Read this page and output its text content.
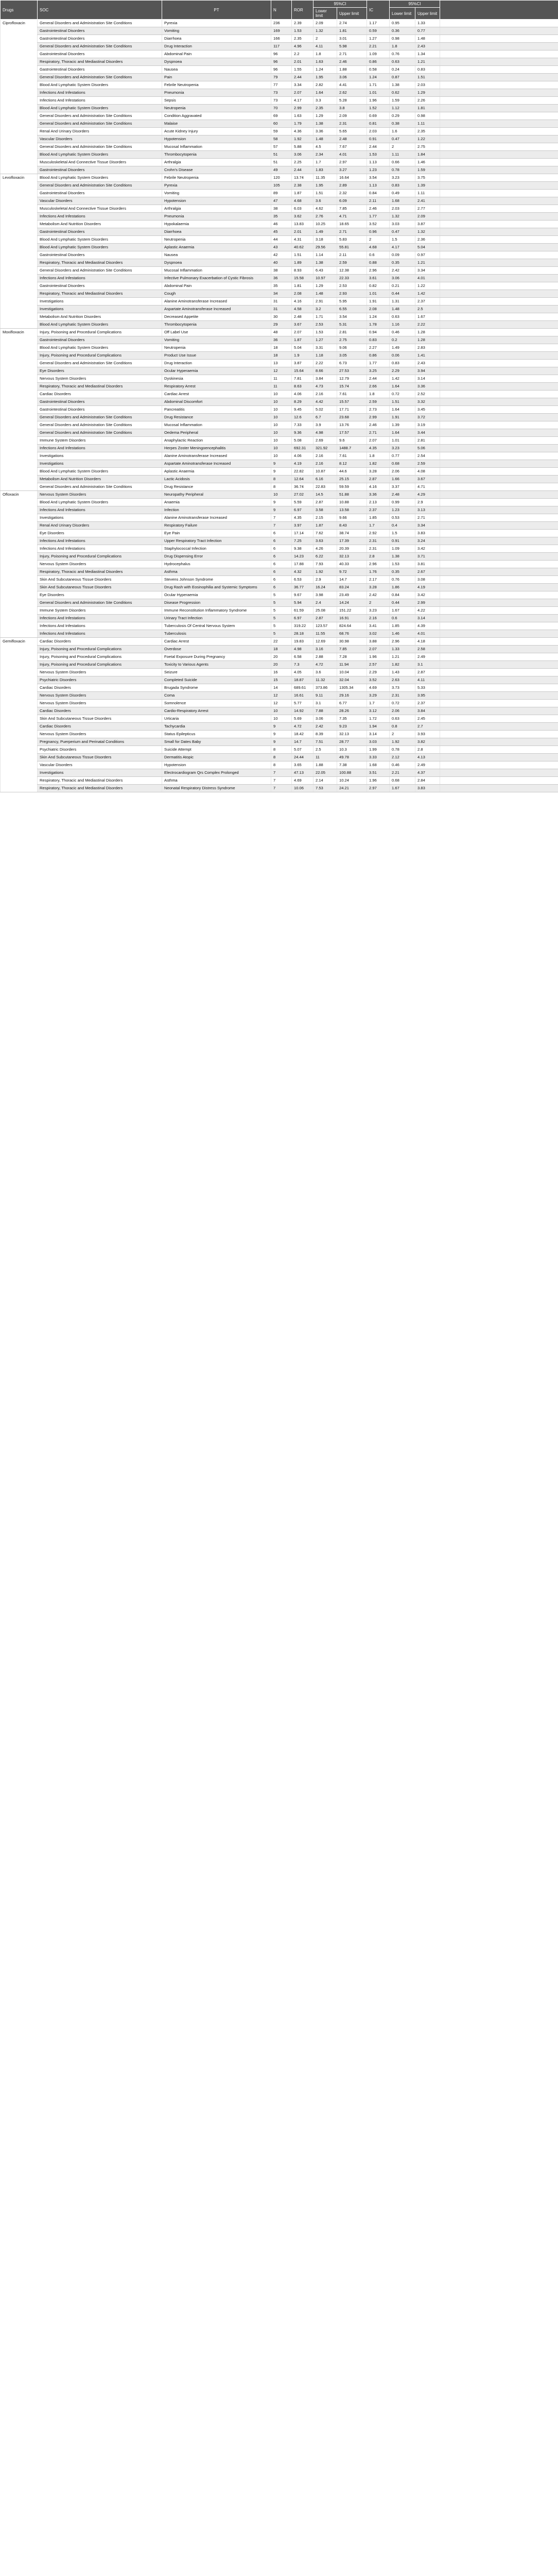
Drugs	SOC	PT	N	ROR	95%CI		IC	95%CI		
					Lower limit	Upper limit		Lower limit	Upper limit	
Ciprofloxacin	General Disorders and Administration Site Conditions	Pyrexia	236	2.39	2.09	2.74	1.17	0.95	1.33	
	Gastrointestinal Disorders	Vomiting	169	1.53	1.32	1.81	0.59	0.36	0.77	
	Gastrointestinal Disorders	Diarrhoea	166	2.35	2	3.01	1.27	0.98	1.48	
	General Disorders and Administration Site Conditions	Drug Interaction	117	4.96	4.11	5.98	2.21	1.8	2.43	
	Gastrointestinal Disorders	Abdominal Pain	96	2.2	1.8	2.71	1.09	0.76	1.34	
	Respiratory, Thoracic and Mediastinal Disorders	Dyspnoea	96	2.01	1.63	2.46	0.86	0.63	1.21	
	Gastrointestinal Disorders	Nausea	96	1.55	1.24	1.88	0.58	0.24	0.83	
	General Disorders and Administration Site Conditions	Pain	79	2.44	1.95	3.06	1.24	0.87	1.51	
	Blood And Lymphatic System Disorders	Febrile Neutropenia	77	3.34	2.82	4.41	1.71	1.38	2.03	
	Infections And Infestations	Pneumonia	73	2.07	1.64	2.62	1.01	0.62	1.29	
	Infections And Infestations	Sepsis	73	4.17	3.3	5.28	1.96	1.59	2.26	
	Blood And Lymphatic System Disorders	Neutropenia	70	2.99	2.35	3.8	1.52	1.12	1.81	
	General Disorders and Administration Site Conditions	Condition Aggravated	69	1.63	1.29	2.09	0.69	0.29	0.98	
	General Disorders and Administration Site Conditions	Malaise	60	1.79	1.38	2.31	0.81	0.38	1.11	
	Renal And Urinary Disorders	Acute Kidney Injury	59	4.36	3.36	5.65	2.03	1.6	2.35	
	Vascular Disorders	Hypotension	58	1.92	1.48	2.48	0.91	0.47	1.22	
	General Disorders and Administration Site Conditions	Mucosal Inflammation	57	5.88	4.5	7.67	2.44	2	2.75	
	Blood And Lymphatic System Disorders	Thrombocytopenia	51	3.06	2.34	4.01	1.53	1.11	1.84	
	Musculoskeletal And Connective Tissue Disorders	Arthralgia	51	2.25	1.7	2.97	1.13	0.66	1.46	
	Gastrointestinal Disorders	Crohn's Disease	49	2.44	1.83	3.27	1.23	0.78	1.59	
Levofloxacin	Blood And Lymphatic System Disorders	Febrile Neutropenia	120	13.74	11.35	16.64	3.54	3.23	3.75	
	General Disorders and Administration Site Conditions	Pyrexia	105	2.38	1.95	2.89	1.13	0.83	1.39	
	Gastrointestinal Disorders	Vomiting	89	1.87	1.51	2.32	0.84	0.49	1.11	
	Vascular Disorders	Hypotension	47	4.68	3.6	6.09	2.11	1.68	2.41	
	Musculoskeletal And Connective Tissue Disorders	Arthralgia	38	6.03	4.62	7.85	2.46	2.03	2.77	
	Infections And Infestations	Pneumonia	35	3.62	2.76	4.71	1.77	1.32	2.09	
	Metabolism And Nutrition Disorders	Hypokalaemia	46	13.83	10.25	18.65	3.52	3.03	3.87	
	Gastrointestinal Disorders	Diarrhoea	45	2.01	1.49	2.71	0.96	0.47	1.32	
	Blood And Lymphatic System Disorders	Neutropenia	44	4.31	3.18	5.83	2	1.5	2.36	
	Blood And Lymphatic System Disorders	Aplastic Anaemia	43	40.62	29.56	55.81	4.68	4.17	5.04	
	Gastrointestinal Disorders	Nausea	42	1.51	1.14	2.11	0.6	0.09	0.97	
	Respiratory, Thoracic and Mediastinal Disorders	Dyspnoea	40	1.89	1.38	2.59	0.88	0.35	1.21	
	General Disorders and Administration Site Conditions	Mucosal Inflammation	38	8.93	6.43	12.38	2.96	2.42	3.34	
	Infections And Infestations	Infective Pulmonary Exacerbation of Cystic Fibrosis	36	15.58	10.97	22.33	3.61	3.06	4.01	
	Gastrointestinal Disorders	Abdominal Pain	35	1.81	1.29	2.53	0.82	0.21	1.22	
	Respiratory, Thoracic and Mediastinal Disorders	Cough	34	2.08	1.48	2.93	1.01	0.44	1.42	
	Investigations	Alanine Aminotransferase Increased	31	4.16	2.91	5.95	1.91	1.31	2.37	
	Investigations	Aspartate Aminotransferase Increased	31	4.58	3.2	6.55	2.08	1.48	2.5	
	Metabolism And Nutrition Disorders	Decreased Appetite	30	2.48	1.71	3.54	1.24	0.63	1.67	
	Blood And Lymphatic System Disorders	Thrombocytopenia	29	3.67	2.53	5.31	1.78	1.16	2.22	
Moxifloxacin	Injury, Poisoning and Procedural Complications	Off Label Use	48	2.07	1.53	2.81	0.94	0.46	1.28	
	Gastrointestinal Disorders	Vomiting	36	1.87	1.27	2.75	0.83	0.2	1.28	
	Blood And Lymphatic System Disorders	Neutropenia	18	5.04	3.31	9.06	2.27	1.49	2.83	
	Injury, Poisoning and Procedural Complications	Product Use Issue	18	1.9	1.18	3.05	0.86	0.06	1.41	
	General Disorders and Administration Site Conditions	Drug Interaction	13	3.87	2.22	6.73	1.77	0.83	2.43	
	Eye Disorders	Ocular Hyperaemia	12	15.64	8.66	27.53	3.25	2.29	3.94	
	Nervous System Disorders	Dyskinesia	11	7.81	3.84	12.79	2.44	1.42	3.14	
	Respiratory, Thoracic and Mediastinal Disorders	Respiratory Arrest	11	8.63	4.73	15.74	2.66	1.64	3.36	
	Cardiac Disorders	Cardiac Arrest	10	4.06	2.16	7.61	1.8	0.72	2.52	
	Gastrointestinal Disorders	Abdominal Discomfort	10	8.29	4.42	15.57	2.59	1.51	3.32	
	Gastrointestinal Disorders	Pancreatitis	10	9.45	5.02	17.71	2.73	1.64	3.45	
	General Disorders and Administration Site Conditions	Drug Resistance	10	12.6	6.7	23.68	2.99	1.91	3.72	
	General Disorders and Administration Site Conditions	Mucosal Inflammation	10	7.33	3.9	13.76	2.46	1.39	3.19	
	General Disorders and Administration Site Conditions	Oedema Peripheral	10	9.36	4.98	17.57	2.71	1.64	3.44	
	Immune System Disorders	Anaphylactic Reaction	10	5.08	2.69	9.6	2.07	1.01	2.81	
	Infections And Infestations	Herpes Zoster Meningoencephalitis	10	692.31	321.92	1488.7	4.35	3.23	5.06	
	Investigations	Alanine Aminotransferase Increased	10	4.06	2.16	7.61	1.8	0.77	2.54	
	Investigations	Aspartate Aminotransferase Increased	9	4.19	2.16	8.12	1.82	0.68	2.59	
	Blood And Lymphatic System Disorders	Aplastic Anaemia	9	22.82	10.87	44.6	3.28	2.06	4.08	
	Metabolism And Nutrition Disorders	Lactic Acidosis	8	12.64	6.16	25.15	2.87	1.66	3.67	
	General Disorders and Administration Site Conditions	Drug Resistance	8	36.74	22.83	59.59	4.16	3.37	4.71	
Ofloxacin	Nervous System Disorders	Neuropathy Peripheral	10	27.02	14.5	51.88	3.36	2.48	4.29	
	Blood And Lymphatic System Disorders	Anaemia	9	5.59	2.87	10.88	2.13	0.99	2.9	
	Infections And Infestations	Infection	9	6.97	3.58	13.58	2.37	1.23	3.13	
	Investigations	Alanine Aminotransferase Increased	7	4.35	2.15	9.66	1.85	0.53	2.71	
	Renal And Urinary Disorders	Respiratory Failure	7	3.97	1.87	8.43	1.7	0.4	3.34	
	Eye Disorders	Eye Pain	6	17.14	7.62	38.74	2.92	1.5	3.83	
	Infections And Infestations	Upper Respiratory Tract Infection	6	7.25	3.63	17.39	2.31	0.91	3.24	
	Infections And Infestations	Staphylococcal Infection	6	9.38	4.26	20.39	2.31	1.09	3.42	
	Injury, Poisoning and Procedural Complications	Drug Dispensing Error	6	14.23	6.22	32.13	2.8	1.38	3.71	
	Nervous System Disorders	Hydrocephalus	6	17.88	7.93	40.33	2.96	1.53	3.81	
	Respiratory, Thoracic and Mediastinal Disorders	Asthma	6	4.32	1.92	9.72	1.76	0.35	2.67	
	Skin And Subcutaneous Tissue Disorders	Stevens Johnson Syndrome	6	6.53	2.9	14.7	2.17	0.76	3.08	
	Skin And Subcutaneous Tissue Disorders	Drug Rash with Eosinophilia and Systemic Symptoms	6	36.77	16.24	83.24	3.28	1.86	4.19	
	Eye Disorders	Ocular Hyperaemia	5	9.67	3.98	23.49	2.42	0.84	3.42	
	General Disorders and Administration Site Conditions	Disease Progression	5	5.94	2.4	14.24	2	0.44	2.99	
	Immune System Disorders	Immune Reconstitution Inflammatory Syndrome	5	61.59	25.08	151.22	3.23	1.67	4.22	
	Infections And Infestations	Urinary Tract Infection	5	6.97	2.87	16.91	2.16	0.6	3.14	
	Infections And Infestations	Tuberculosis Of Central Nervous System	5	319.22	123.57	824.64	3.41	1.85	4.39	
	Infections And Infestations	Tuberculosis	5	28.18	11.55	68.76	3.02	1.46	4.01	
Gemifloxacin	Cardiac Disorders	Cardiac Arrest	22	19.83	12.69	30.98	3.88	2.96	4.18	
	Injury, Poisoning and Procedural Complications	Overdose	18	4.98	3.16	7.85	2.07	1.33	2.58	
	Injury, Poisoning and Procedural Complications	Foetal Exposure During Pregnancy	20	6.58	2.88	7.28	1.96	1.21	2.49	
	Injury, Poisoning and Procedural Complications	Toxicity to Various Agents	20	7.3	4.72	11.94	2.57	1.82	3.1	
	Nervous System Disorders	Seizure	16	4.05	3.6	10.04	2.29	1.43	2.87	
	Psychiatric Disorders	Completed Suicide	15	18.87	11.32	32.04	3.52	2.63	4.11	
	Cardiac Disorders	Brugada Syndrome	14	689.61	373.86	1305.34	4.69	3.73	5.33	
	Nervous System Disorders	Coma	12	16.61	9.11	29.16	3.29	2.31	3.95	
	Nervous System Disorders	Somnolence	12	5.77	3.1	6.77	1.7	0.72	2.37	
	Cardiac Disorders	Cardio-Respiratory Arrest	10	14.92	7.88	28.26	3.12	2.06	3.84	
	Skin And Subcutaneous Tissue Disorders	Urticaria	10	5.69	3.06	7.35	1.72	0.63	2.45	
	Cardiac Disorders	Tachycardia	9	4.72	2.42	9.23	1.94	0.8	2.7	
	Nervous System Disorders	Status Epilepticus	9	18.42	8.39	32.13	3.14	2	3.93	
	Pregnancy, Puerperium and Perinatal Conditions	Small for Dates Baby	9	14.7	7.51	28.77	3.03	1.92	3.82	
	Psychiatric Disorders	Suicide Attempt	8	5.07	2.5	10.3	1.99	0.78	2.8	
	Skin And Subcutaneous Tissue Disorders	Dermatitis Atopic	8	24.44	11	49.78	3.33	2.12	4.13	
	Vascular Disorders	Hypotension	8	3.65	1.88	7.38	1.68	0.46	2.49	
	Investigations	Electrocardiogram Qrs Complex Prolonged	7	47.13	22.05	100.88	3.51	2.21	4.37	
	Respiratory, Thoracic and Mediastinal Disorders	Asthma	7	4.69	2.14	10.24	1.96	0.68	2.84	
	Respiratory, Thoracic and Mediastinal Disorders	Neonatal Respiratory Distress Syndrome	7	10.06	7.53	24.21	2.97	1.67	3.83	
